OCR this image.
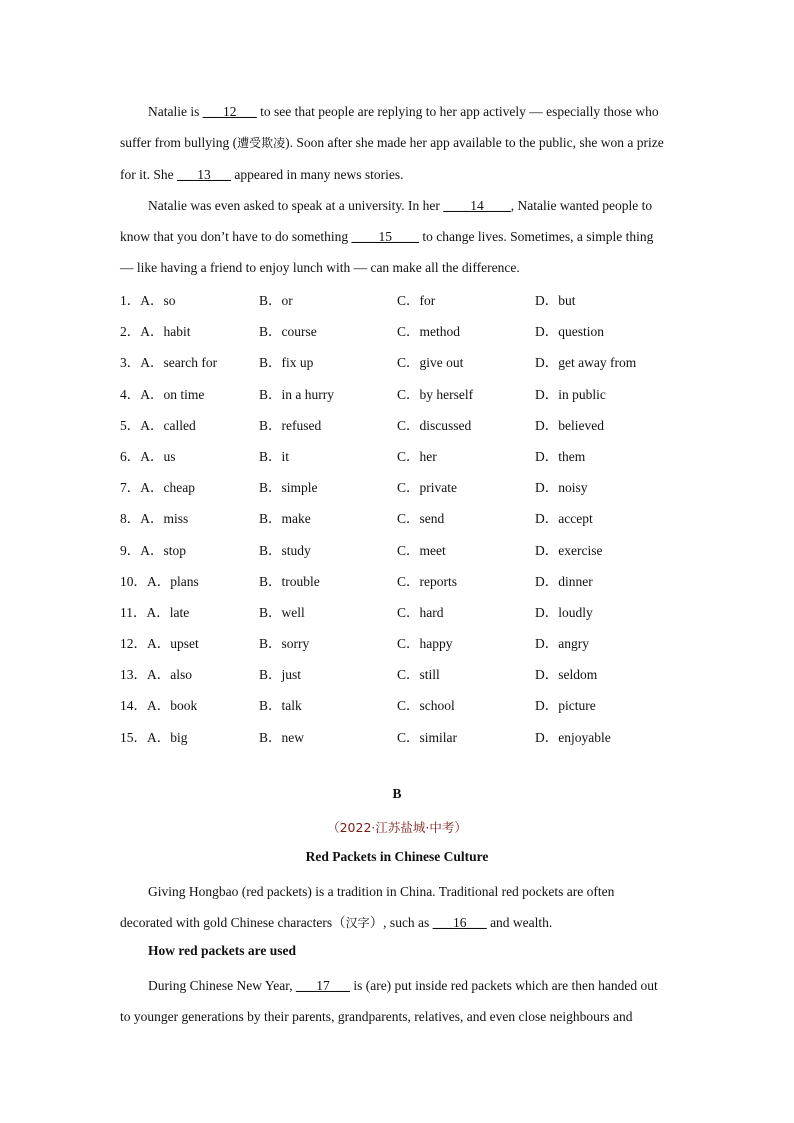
Natalie is ___12___ to see that people are replying to her app actively — especially those who suffer from bullying (遭受欺凌). Soon after she made her app available to the public, she won a prize for it. She ___13___ appeared in many news stories.

Natalie was even asked to speak at a university. In her ____14____, Natalie wanted people to know that you don’t have to do something ____15____ to change lives. Sometimes, a simple thing — like having a friend to enjoy lunch with — can make all the difference.

1．A．so	B．or	C．for	D．but
2．A．habit	B．course	C．method	D．question
3．A．search for	B．fix up	C．give out	D．get away from
4．A．on time	B．in a hurry	C．by herself	D．in public
5．A．called	B．refused	C．discussed	D．believed
6．A．us	B．it	C．her	D．them
7．A．cheap	B．simple	C．private	D．noisy
8．A．miss	B．make	C．send	D．accept
9．A．stop	B．study	C．meet	D．exercise
10．A．plans	B．trouble	C．reports	D．dinner
11．A．late	B．well	C．hard	D．loudly
12．A．upset	B．sorry	C．happy	D．angry
13．A．also	B．just	C．still	D．seldom
14．A．book	B．talk	C．school	D．picture
15．A．big	B．new	C．similar	D．enjoyable
B
（2022·江苏盐城·中考）
Red Packets in Chinese Culture

Giving Hongbao (red packets) is a tradition in China. Traditional red pockets are often decorated with gold Chinese characters（汉字）, such as ___16___ and wealth.

How red packets are used

During Chinese New Year, ___17___ is (are) put inside red packets which are then handed out to younger generations by their parents, grandparents, relatives, and even close neighbours and
